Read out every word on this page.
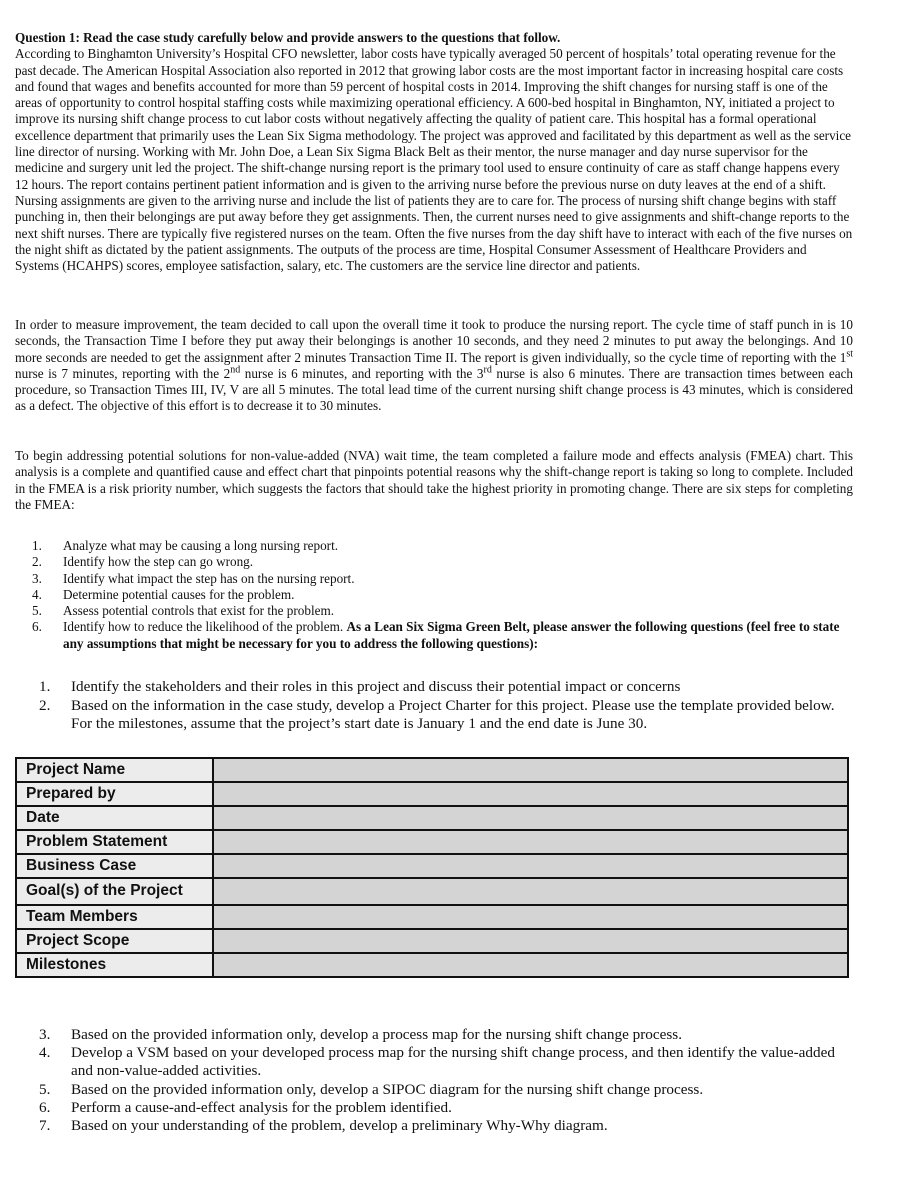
Question 1: Read the case study carefully below and provide answers to the questions that follow.
According to Binghamton University’s Hospital CFO newsletter, labor costs have typically averaged 50 percent of hospitals’ total operating revenue for the past decade. The American Hospital Association also reported in 2012 that growing labor costs are the most important factor in increasing hospital care costs and found that wages and benefits accounted for more than 59 percent of hospital costs in 2014. Improving the shift changes for nursing staff is one of the areas of opportunity to control hospital staffing costs while maximizing operational efficiency. A 600-bed hospital in Binghamton, NY, initiated a project to improve its nursing shift change process to cut labor costs without negatively affecting the quality of patient care. This hospital has a formal operational excellence department that primarily uses the Lean Six Sigma methodology. The project was approved and facilitated by this department as well as the service line director of nursing. Working with Mr. John Doe, a Lean Six Sigma Black Belt as their mentor, the nurse manager and day nurse supervisor for the medicine and surgery unit led the project. The shift-change nursing report is the primary tool used to ensure continuity of care as staff change happens every 12 hours. The report contains pertinent patient information and is given to the arriving nurse before the previous nurse on duty leaves at the end of a shift. Nursing assignments are given to the arriving nurse and include the list of patients they are to care for. The process of nursing shift change begins with staff punching in, then their belongings are put away before they get assignments. Then, the current nurses need to give assignments and shift-change reports to the next shift nurses. There are typically five registered nurses on the team. Often the five nurses from the day shift have to interact with each of the five nurses on the night shift as dictated by the patient assignments. The outputs of the process are time, Hospital Consumer Assessment of Healthcare Providers and Systems (HCAHPS) scores, employee satisfaction, salary, etc. The customers are the service line director and patients.
In order to measure improvement, the team decided to call upon the overall time it took to produce the nursing report. The cycle time of staff punch in is 10 seconds, the Transaction Time I before they put away their belongings is another 10 seconds, and they need 2 minutes to put away the belongings. And 10 more seconds are needed to get the assignment after 2 minutes Transaction Time II. The report is given individually, so the cycle time of reporting with the 1st nurse is 7 minutes, reporting with the 2nd nurse is 6 minutes, and reporting with the 3rd nurse is also 6 minutes. There are transaction times between each procedure, so Transaction Times III, IV, V are all 5 minutes. The total lead time of the current nursing shift change process is 43 minutes, which is considered as a defect. The objective of this effort is to decrease it to 30 minutes.
To begin addressing potential solutions for non-value-added (NVA) wait time, the team completed a failure mode and effects analysis (FMEA) chart. This analysis is a complete and quantified cause and effect chart that pinpoints potential reasons why the shift-change report is taking so long to complete. Included in the FMEA is a risk priority number, which suggests the factors that should take the highest priority in promoting change. There are six steps for completing the FMEA:
1. Analyze what may be causing a long nursing report.
2. Identify how the step can go wrong.
3. Identify what impact the step has on the nursing report.
4. Determine potential causes for the problem.
5. Assess potential controls that exist for the problem.
6. Identify how to reduce the likelihood of the problem. As a Lean Six Sigma Green Belt, please answer the following questions (feel free to state any assumptions that might be necessary for you to address the following questions):
1. Identify the stakeholders and their roles in this project and discuss their potential impact or concerns
2. Based on the information in the case study, develop a Project Charter for this project. Please use the template provided below. For the milestones, assume that the project’s start date is January 1 and the end date is June 30.
Project Name	
Prepared by	
Date	
Problem Statement	
Business Case	
Goal(s) of the Project	
Team Members	
Project Scope	
Milestones	
3. Based on the provided information only, develop a process map for the nursing shift change process.
4. Develop a VSM based on your developed process map for the nursing shift change process, and then identify the value-added and non-value-added activities.
5. Based on the provided information only, develop a SIPOC diagram for the nursing shift change process.
6. Perform a cause-and-effect analysis for the problem identified.
7. Based on your understanding of the problem, develop a preliminary Why-Why diagram.
